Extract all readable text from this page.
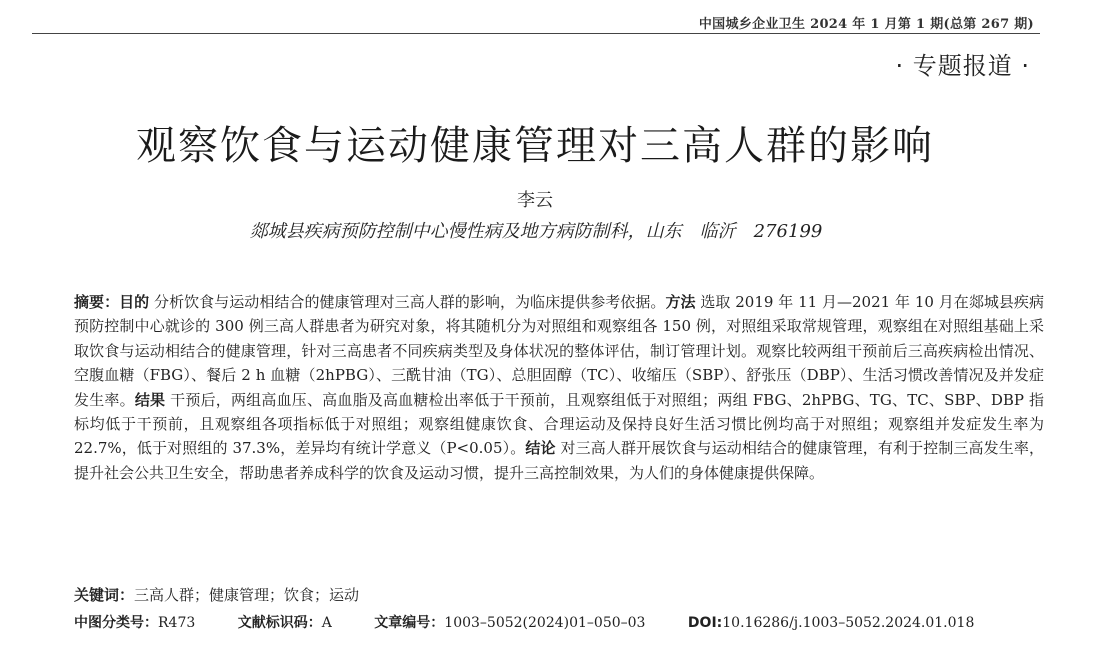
中国城乡企业卫生 2024 年 1 月第 1 期(总第 267 期)
· 专题报道 ·
观察饮食与运动健康管理对三高人群的影响
李云
郯城县疾病预防控制中心慢性病及地方病防制科，山东 临沂 276199
摘要：目的 分析饮食与运动相结合的健康管理对三高人群的影响，为临床提供参考依据。方法 选取 2019 年 11 月—2021 年 10 月在郯城县疾病预防控制中心就诊的 300 例三高人群患者为研究对象，将其随机分为对照组和观察组各 150 例，对照组采取常规管理，观察组在对照组基础上采取饮食与运动相结合的健康管理，针对三高患者不同疾病类型及身体状况的整体评估，制订管理计划。观察比较两组干预前后三高疾病检出情况、空腹血糖（FBG）、餐后 2 h 血糖（2hPBG）、三酰甘油（TG）、总胆固醇（TC）、收缩压（SBP）、舒张压（DBP）、生活习惯改善情况及并发症发生率。结果 干预后，两组高血压、高血脂及高血糖检出率低于干预前，且观察组低于对照组；两组 FBG、2hPBG、TG、TC、SBP、DBP 指标均低于干预前，且观察组各项指标低于对照组；观察组健康饮食、合理运动及保持良好生活习惯比例均高于对照组；观察组并发症发生率为 22.7%，低于对照组的 37.3%，差异均有统计学意义（P<0.05）。结论 对三高人群开展饮食与运动相结合的健康管理，有利于控制三高发生率，提升社会公共卫生安全，帮助患者养成科学的饮食及运动习惯，提升三高控制效果，为人们的身体健康提供保障。
关键词：三高人群；健康管理；饮食；运动
中图分类号：R473	文献标识码：A	文章编号：1003–5052(2024)01–050–03	DOI:10.16286/j.1003–5052.2024.01.018
